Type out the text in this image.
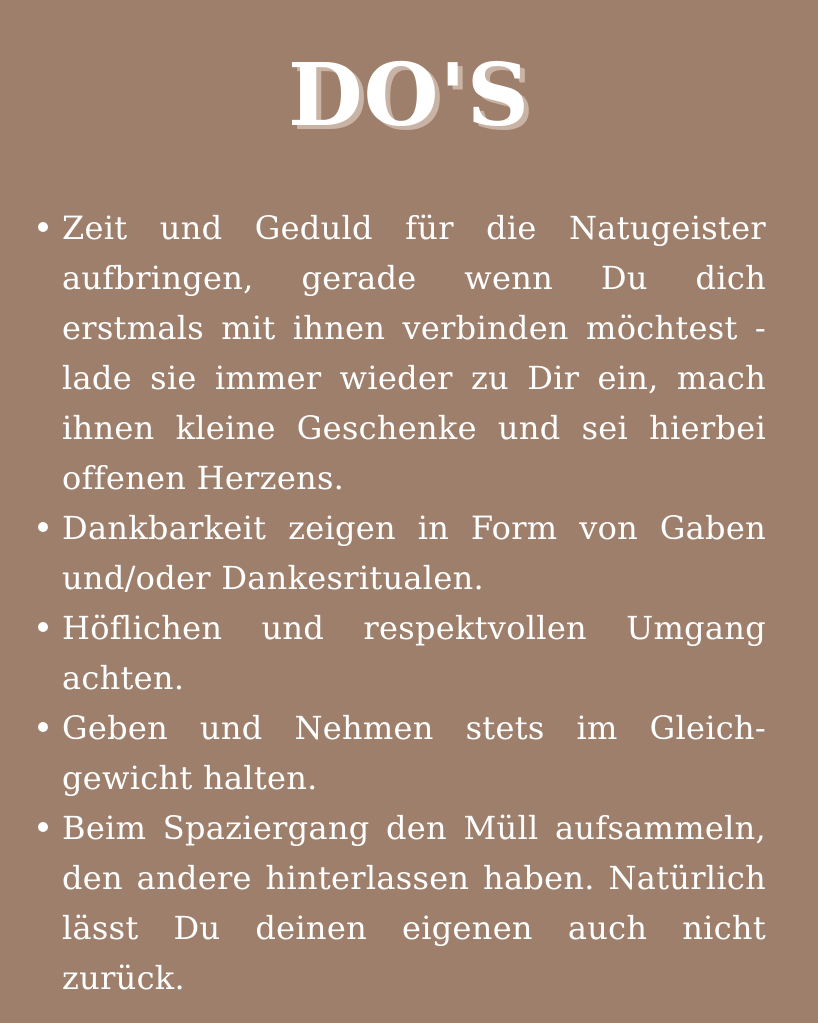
DO'S
Zeit und Geduld für die Natugeister aufbringen, gerade wenn Du dich erstmals mit ihnen verbinden möchtest - lade sie immer wieder zu Dir ein, mach ihnen kleine Geschenke und sei hierbei offenen Herzens.
Dankbarkeit zeigen in Form von Gaben und/oder Dankesritualen.
Höflichen und respektvollen Umgang achten.
Geben und Nehmen stets im Gleich-gewicht halten.
Beim Spaziergang den Müll aufsammeln, den andere hinterlassen haben. Natürlich lässt Du deinen eigenen auch nicht zurück.
